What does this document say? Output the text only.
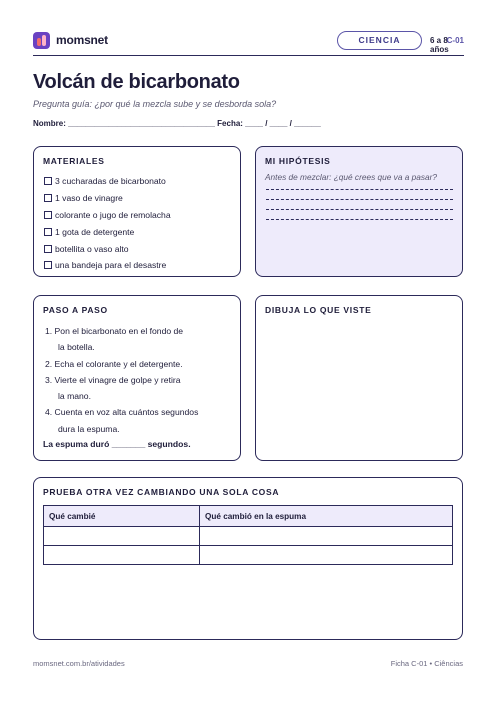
momsnet	CIENCIA	6 a 8 años
C-01
Volcán de bicarbonato

Pregunta guía: ¿por qué la mezcla sube y se desborda sola?

Nombre: _________________________________ Fecha: ____ / ____ / ______

MATERIALES
3 cucharadas de bicarbonato
1 vaso de vinagre
colorante o jugo de remolacha
1 gota de detergente
botellita o vaso alto
una bandeja para el desastre
MI HIPÓTESIS
Antes de mezclar: ¿qué crees que va a pasar?
PASO A PASO
1. Pon el bicarbonato en el fondo de
la botella.
2. Echa el colorante y el detergente.
3. Vierte el vinagre de golpe y retira
la mano.
4. Cuenta en voz alta cuántos segundos
dura la espuma.
La espuma duró _______ segundos.
DIBUJA LO QUE VISTE
PRUEBA OTRA VEZ CAMBIANDO UNA SOLA COSA
Qué cambié	Qué cambió en la espuma

momsnet.com.br/atividades	Ficha C-01 • Ciências
